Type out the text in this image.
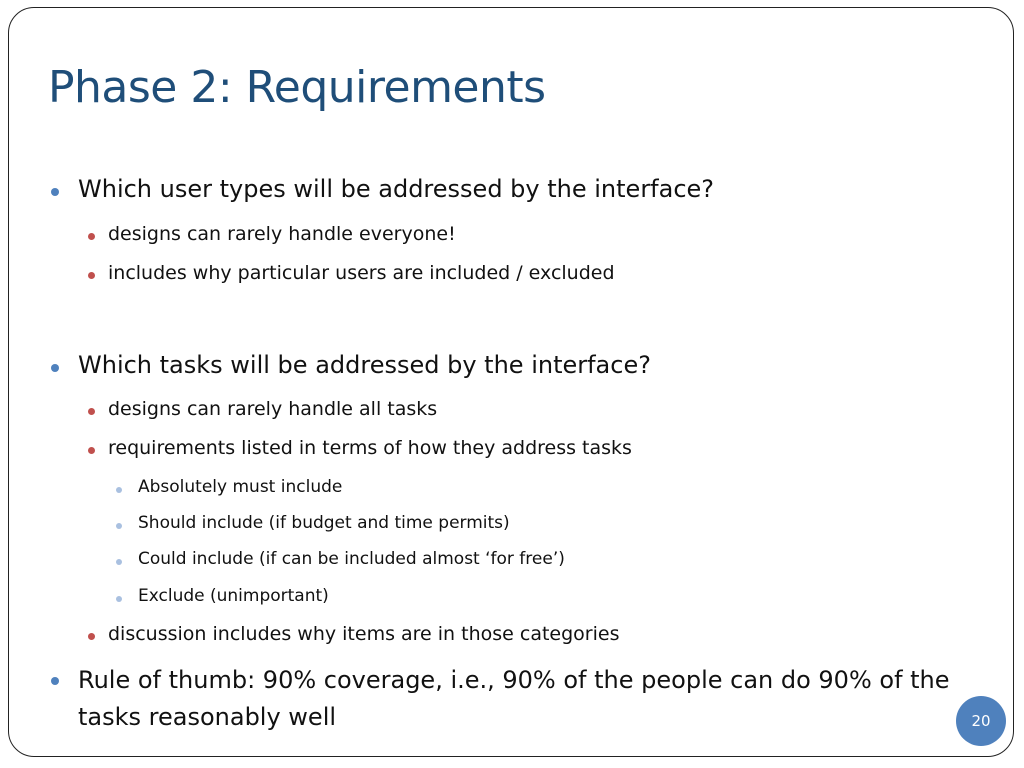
Phase 2: Requirements

Which user types will be addressed by the interface?

designs can rarely handle everyone!

includes why particular users are included / excluded

Which tasks will be addressed by the interface?

designs can rarely handle all tasks

requirements listed in terms of how they address tasks

Absolutely must include

Should include (if budget and time permits)

Could include (if can be included almost ‘for free’)

Exclude (unimportant)

discussion includes why items are in those categories

Rule of thumb: 90% coverage, i.e., 90% of the people can do 90% of the tasks reasonably well	20
